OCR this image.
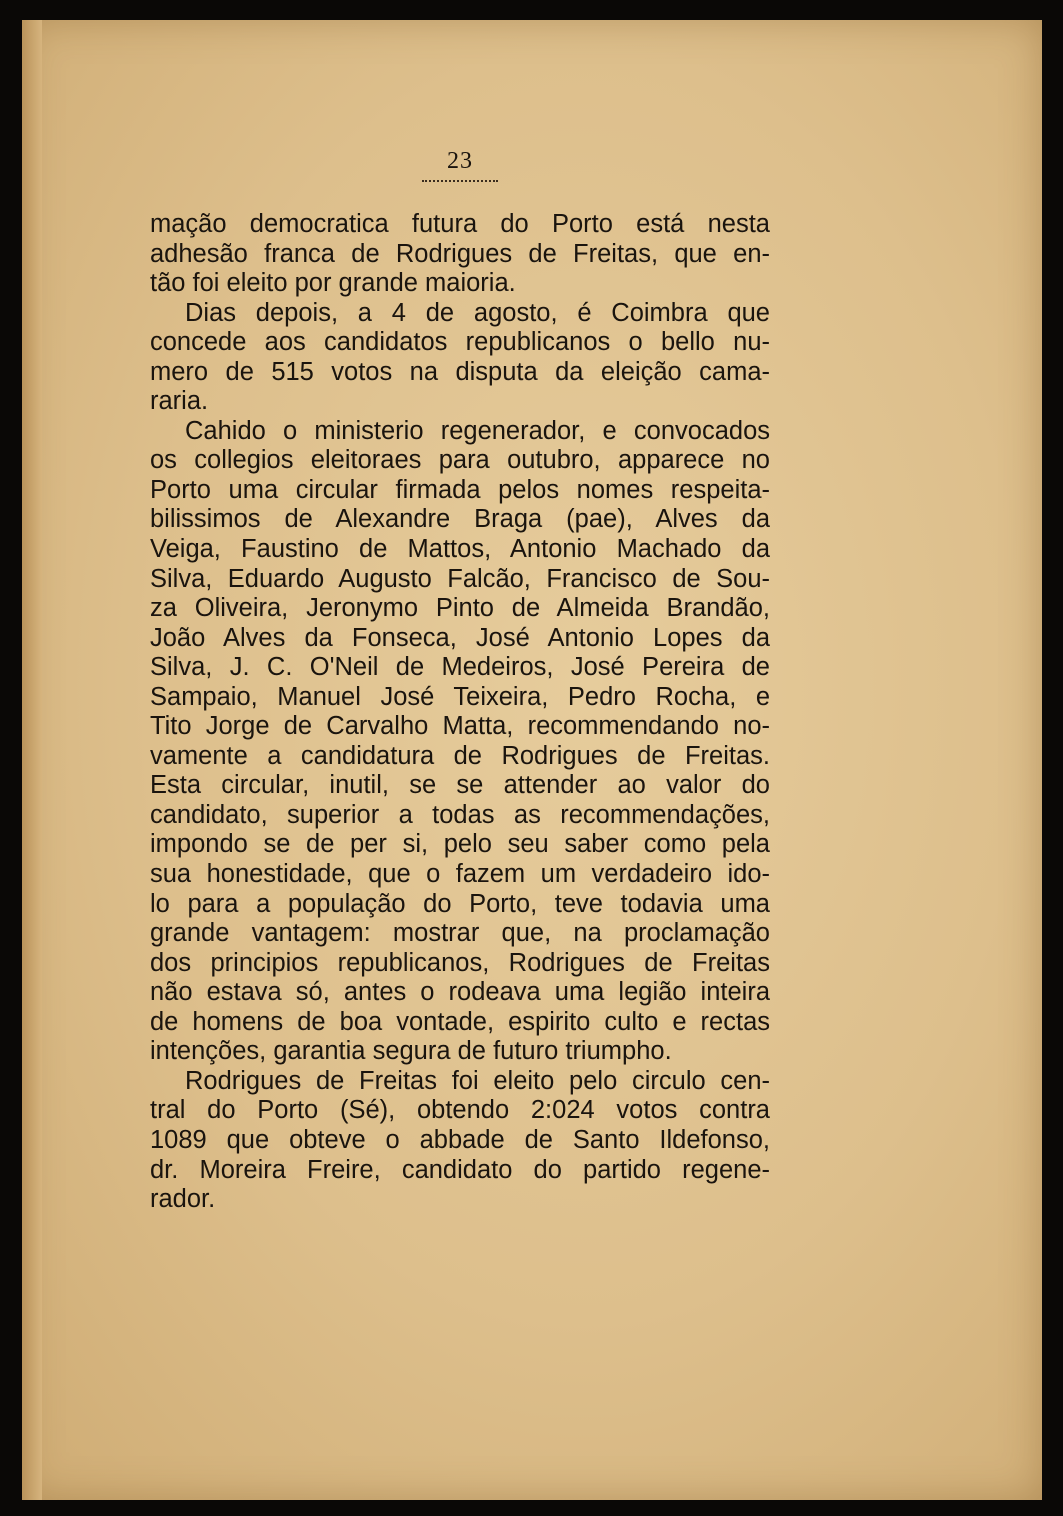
23
mação democratica futura do Porto está nesta
adhesão franca de Rodrigues de Freitas, que en-
tão foi eleito por grande maioria.
Dias depois, a 4 de agosto, é Coimbra que
concede aos candidatos republicanos o bello nu-
mero de 515 votos na disputa da eleição cama-
raria.
Cahido o ministerio regenerador, e convocados
os collegios eleitoraes para outubro, apparece no
Porto uma circular firmada pelos nomes respeita-
bilissimos de Alexandre Braga (pae), Alves da
Veiga, Faustino de Mattos, Antonio Machado da
Silva, Eduardo Augusto Falcão, Francisco de Sou-
za Oliveira, Jeronymo Pinto de Almeida Brandão,
João Alves da Fonseca, José Antonio Lopes da
Silva, J. C. O'Neil de Medeiros, José Pereira de
Sampaio, Manuel José Teixeira, Pedro Rocha, e
Tito Jorge de Carvalho Matta, recommendando no-
vamente a candidatura de Rodrigues de Freitas.
Esta circular, inutil, se se attender ao valor do
candidato, superior a todas as recommendações,
impondo se de per si, pelo seu saber como pela
sua honestidade, que o fazem um verdadeiro ido-
lo para a população do Porto, teve todavia uma
grande vantagem: mostrar que, na proclamação
dos principios republicanos, Rodrigues de Freitas
não estava só, antes o rodeava uma legião inteira
de homens de boa vontade, espirito culto e rectas
intenções, garantia segura de futuro triumpho.
Rodrigues de Freitas foi eleito pelo circulo cen-
tral do Porto (Sé), obtendo 2:024 votos contra
1089 que obteve o abbade de Santo Ildefonso,
dr. Moreira Freire, candidato do partido regene-
rador.
